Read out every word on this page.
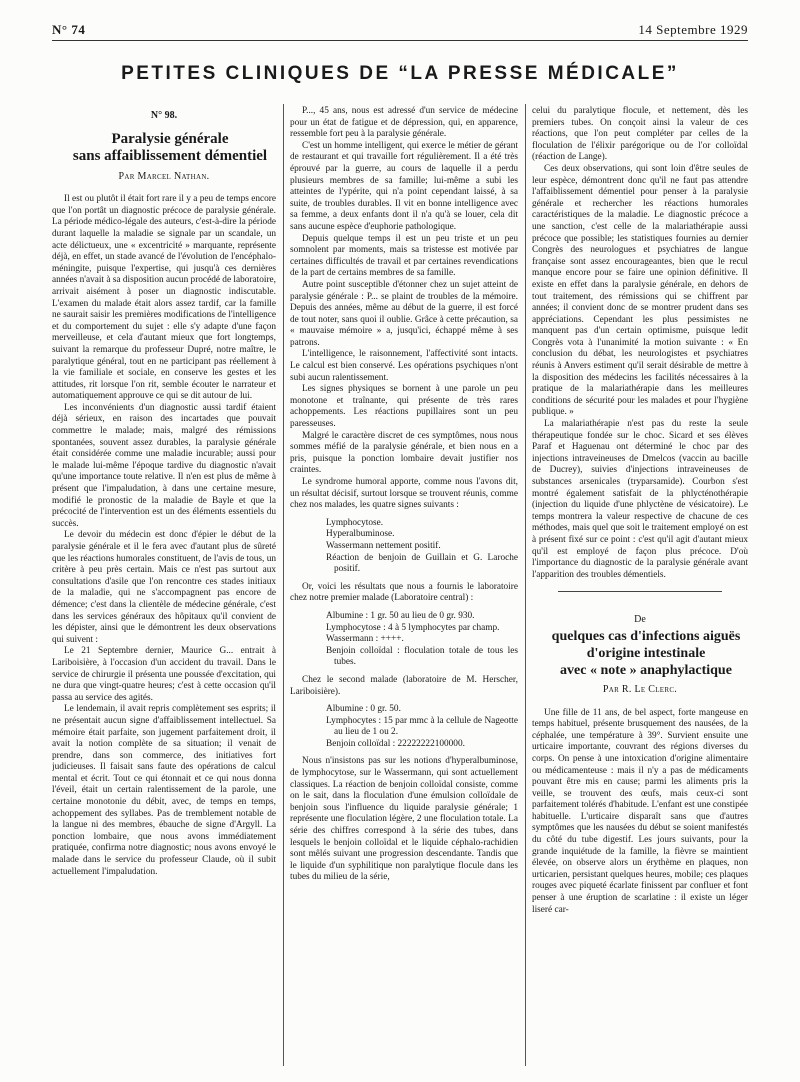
N° 74	14 Septembre 1929
PETITES CLINIQUES DE “LA PRESSE MÉDICALE”
N° 98.

Paralysie générale

sans affaiblissement démentiel

Par Marcel Nathan.

Il est ou plutôt il était fort rare il y a peu de temps encore que l'on portât un diagnostic précoce de paralysie générale. La période médico-légale des auteurs, c'est-à-dire la période durant laquelle la maladie se signale par un scandale, un acte délictueux, une « excentricité » marquante, représente déjà, en effet, un stade avancé de l'évolution de l'encéphalo-méningite, puisque l'expertise, qui jusqu'à ces dernières années n'avait à sa disposition aucun procédé de laboratoire, arrivait aisément à poser un diagnostic indiscutable. L'examen du malade était alors assez tardif, car la famille ne saurait saisir les premières modifications de l'intelligence et du comportement du sujet : elle s'y adapte d'une façon merveilleuse, et cela d'autant mieux que fort longtemps, suivant la remarque du professeur Dupré, notre maître, le paralytique général, tout en ne participant pas réellement à la vie familiale et sociale, en conserve les gestes et les attitudes, rit lorsque l'on rit, semble écouter le narrateur et automatiquement approuve ce qui se dit autour de lui.

Les inconvénients d'un diagnostic aussi tardif étaient déjà sérieux, en raison des incartades que pouvait commettre le malade; mais, malgré des rémissions spontanées, souvent assez durables, la paralysie générale était considérée comme une maladie incurable; aussi pour le malade lui-même l'époque tardive du diagnostic n'avait qu'une importance toute relative. Il n'en est plus de même à présent que l'impaludation, à dans une certaine mesure, modifié le pronostic de la maladie de Bayle et que la précocité de l'intervention est un des éléments essentiels du succès.

Le devoir du médecin est donc d'épier le début de la paralysie générale et il le fera avec d'autant plus de sûreté que les réactions humorales constituent, de l'avis de tous, un critère à peu près certain. Mais ce n'est pas surtout aux consultations d'asile que l'on rencontre ces stades initiaux de la maladie, qui ne s'accompagnent pas encore de démence; c'est dans la clientèle de médecine générale, c'est dans les services généraux des hôpitaux qu'il convient de les dépister, ainsi que le démontrent les deux observations qui suivent :

Le 21 Septembre dernier, Maurice G... entrait à Lariboisière, à l'occasion d'un accident du travail. Dans le service de chirurgie il présenta une poussée d'excitation, qui ne dura que vingt-quatre heures; c'est à cette occasion qu'il passa au service des agités.

Le lendemain, il avait repris complètement ses esprits; il ne présentait aucun signe d'affaiblissement intellectuel. Sa mémoire était parfaite, son jugement parfaitement droit, il avait la notion complète de sa situation; il venait de prendre, dans son commerce, des initiatives fort judicieuses. Il faisait sans faute des opérations de calcul mental et écrit. Tout ce qui étonnait et ce qui nous donna l'éveil, était un certain ralentissement de la parole, une certaine monotonie du débit, avec, de temps en temps, achoppement des syllabes. Pas de tremblement notable de la langue ni des membres, ébauche de signe d'Argyll. La ponction lombaire, que nous avons immédiatement pratiquée, confirma notre diagnostic; nous avons envoyé le malade dans le service du professeur Claude, où il subit actuellement l'impaludation.

P..., 45 ans, nous est adressé d'un service de médecine pour un état de fatigue et de dépression, qui, en apparence, ressemble fort peu à la paralysie générale.

C'est un homme intelligent, qui exerce le métier de gérant de restaurant et qui travaille fort régulièrement. Il a été très éprouvé par la guerre, au cours de laquelle il a perdu plusieurs membres de sa famille; lui-même a subi les atteintes de l'ypérite, qui n'a point cependant laissé, à sa suite, de troubles durables. Il vit en bonne intelligence avec sa femme, a deux enfants dont il n'a qu'à se louer, cela dit sans aucune espèce d'euphorie pathologique.

Depuis quelque temps il est un peu triste et un peu somnolent par moments, mais sa tristesse est motivée par certaines difficultés de travail et par certaines revendications de la part de certains membres de sa famille.

Autre point susceptible d'étonner chez un sujet atteint de paralysie générale : P... se plaint de troubles de la mémoire. Depuis des années, même au début de la guerre, il est forcé de tout noter, sans quoi il oublie. Grâce à cette précaution, sa « mauvaise mémoire » a, jusqu'ici, échappé même à ses patrons.

L'intelligence, le raisonnement, l'affectivité sont intacts. Le calcul est bien conservé. Les opérations psychiques n'ont subi aucun ralentissement.

Les signes physiques se bornent à une parole un peu monotone et traînante, qui présente de très rares achoppements. Les réactions pupillaires sont un peu paresseuses.

Malgré le caractère discret de ces symptômes, nous nous sommes méfié de la paralysie générale, et bien nous en a pris, puisque la ponction lombaire devait justifier nos craintes.

Le syndrome humoral apporte, comme nous l'avons dit, un résultat décisif, surtout lorsque se trouvent réunis, comme chez nos malades, les quatre signes suivants :

Lymphocytose.

Hyperalbuminose.

Wassermann nettement positif.

Réaction de benjoin de Guillain et G. Laroche positif.

Or, voici les résultats que nous a fournis le laboratoire chez notre premier malade (Laboratoire central) :

Albumine : 1 gr. 50 au lieu de 0 gr. 930.

Lymphocytose : 4 à 5 lymphocytes par champ.

Wassermann : ++++.

Benjoin colloïdal : floculation totale de tous les tubes.

Chez le second malade (laboratoire de M. Herscher, Lariboisière).

Albumine : 0 gr. 50.

Lymphocytes : 15 par mmc à la cellule de Nageotte au lieu de 1 ou 2.

Benjoin colloïdal : 22222222100000.

Nous n'insistons pas sur les notions d'hyperalbuminose, de lymphocytose, sur le Wassermann, qui sont actuellement classiques. La réaction de benjoin colloïdal consiste, comme on le sait, dans la floculation d'une émulsion colloïdale de benjoin sous l'influence du liquide paralysie générale; 1 représente une floculation légère, 2 une floculation totale. La série des chiffres correspond à la série des tubes, dans lesquels le benjoin colloïdal et le liquide céphalo-rachidien sont mêlés suivant une progression descendante. Tandis que le liquide d'un syphilitique non paralytique flocule dans les tubes du milieu de la série,

celui du paralytique flocule, et nettement, dès les premiers tubes. On conçoit ainsi la valeur de ces réactions, que l'on peut compléter par celles de la floculation de l'élixir parégorique ou de l'or colloïdal (réaction de Lange).

Ces deux observations, qui sont loin d'être seules de leur espèce, démontrent donc qu'il ne faut pas attendre l'affaiblissement démentiel pour penser à la paralysie générale et rechercher les réactions humorales caractéristiques de la maladie. Le diagnostic précoce a une sanction, c'est celle de la malariathérapie aussi précoce que possible; les statistiques fournies au dernier Congrès des neurologues et psychiatres de langue française sont assez encourageantes, bien que le recul manque encore pour se faire une opinion définitive. Il existe en effet dans la paralysie générale, en dehors de tout traitement, des rémissions qui se chiffrent par années; il convient donc de se montrer prudent dans ses appréciations. Cependant les plus pessimistes ne manquent pas d'un certain optimisme, puisque ledit Congrès vota à l'unanimité la motion suivante : « En conclusion du débat, les neurologistes et psychiatres réunis à Anvers estiment qu'il serait désirable de mettre à la disposition des médecins les facilités nécessaires à la pratique de la malariathérapie dans les meilleures conditions de sécurité pour les malades et pour l'hygiène publique. »

La malariathérapie n'est pas du reste la seule thérapeutique fondée sur le choc. Sicard et ses élèves Paraf et Haguenau ont déterminé le choc par des injections intraveineuses de Dmelcos (vaccin au bacille de Ducrey), suivies d'injections intraveineuses de substances arsenicales (tryparsamide). Courbon s'est montré également satisfait de la phlycténothérapie (injection du liquide d'une phlyctène de vésicatoire). Le temps montrera la valeur respective de chacune de ces méthodes, mais quel que soit le traitement employé on est à présent fixé sur ce point : c'est qu'il agit d'autant mieux qu'il est employé de façon plus précoce. D'où l'importance du diagnostic de la paralysie générale avant l'apparition des troubles démentiels.

De

quelques cas d'infections aiguës

d'origine intestinale

avec « note » anaphylactique

Par R. Le Clerc.

Une fille de 11 ans, de bel aspect, forte mangeuse en temps habituel, présente brusquement des nausées, de la céphalée, une température à 39°. Survient ensuite une urticaire importante, couvrant des régions diverses du corps. On pense à une intoxication d'origine alimentaire ou médicamenteuse : mais il n'y a pas de médicaments pouvant être mis en cause; parmi les aliments pris la veille, se trouvent des œufs, mais ceux-ci sont parfaitement tolérés d'habitude. L'enfant est une constipée habituelle. L'urticaire disparaît sans que d'autres symptômes que les nausées du début se soient manifestés du côté du tube digestif. Les jours suivants, pour la grande inquiétude de la famille, la fièvre se maintient élevée, on observe alors un érythème en plaques, non urticarien, persistant quelques heures, mobile; ces plaques rouges avec piqueté écarlate finissent par confluer et font penser à une éruption de scarlatine : il existe un léger liseré car-
